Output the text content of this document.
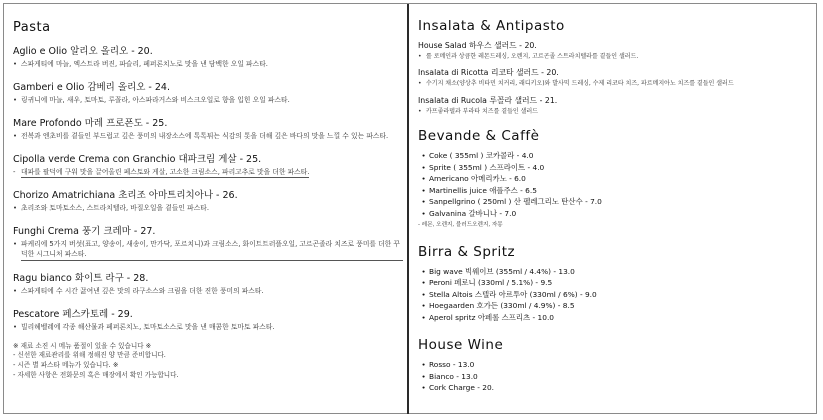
Pasta
Aglio e Olio 알리오 올리오 - 20.
• 스파게티에 마늘, 엑스트라 버진, 파슬리, 페퍼론치노로 맛을 낸 담백한 오일 파스타.
Gamberi e Olio 감베리 올리오 - 24.
• 링귀니에 마늘, 새우, 토마토, 루꼴라, 아스파라거스와 비스크오일로 향을 입힌 오일 파스타.
Mare Profondo 마레 프로폰도 - 25.
• 전복과 엔초비를 곁들인 부드럽고 깊은 풍미의 내장소스에 톡톡튀는 식감의 톳을 더해 깊은 바다의 맛을 느낄 수 있는 파스타.
Cipolla verde Crema con Granchio 대파크림 게살 - 25.
- 대파를 팔덕에 구워 맛을 끌어올린 페스토와 게살, 고소한 크림소스, 파리고추로 맛을 더한 파스타.
Chorizo Amatrichiana 초리조 아마트리치아나 - 26.
• 초리조와 토마토소스, 스트라치텔라, 바질오일을 곁들인 파스타.
Funghi Crema 풍기 크레마 - 27.
• 파케리에 5가지 버섯(표고, 양송이, 새송이, 만가닥, 포르치니)과 크림소스, 화이트트러플오일, 고르곤졸라 치즈로 풍미를 더한 꾸덕한 시그니처 파스타.
Ragu bianco 화이트 라구 - 28.
• 스파게티에 수 시간 끓여낸 깊은 맛의 라구소스와 크림을 더한 진한 풍미의 파스타.
Pescatore 페스카토레 - 29.
• 빌리헤벨레에 각종 해산물과 페퍼론치노, 토마토소스로 맛을 낸 매콤한 토마토 파스타.
※ 재료 소진 시 메뉴 품절이 있을 수 있습니다 ※
- 신선한 재료관리를 위해 정해진 양 만큼 준비합니다.
- 시즌 별 파스타 메뉴가 있습니다. ※
- 자세한 사항은 전화문의 혹은 매장에서 확인 가능합니다.
Insalata & Antipasto
House Salad 하우스 샐러드 - 20.
• 롤 로메인과 상큼한 레몬드레싱, 오렌지, 고르곤졸 스트라치텔라를 곁들인 샐러드.
Insalata di Ricotta 리코타 샐러드 - 20.
• 수기지 채소(양상추 비타민 치커리, 래디키오)와 발사믹 드레싱, 수제 리코타 치즈, 파르메지아노 치즈를 곁들인 샐러드
Insalata di Rucola 루꼴라 샐러드 - 21.
• 카프좋라델과 부라타 치즈를 곁들인 샐러드
Bevande & Caffè
• Coke ( 355ml ) 코카콜라 - 4.0
• Sprite ( 355ml ) 스프라이트 - 4.0
• Americano 아메리카노 - 6.0
• Martinellis juice 애플주스 - 6.5
• Sanpellgrino ( 250ml ) 산 펠레그리노 탄산수 - 7.0
• Galvanina 갈바니나 - 7.0
- 레몬, 오렌지, 블러드오렌지, 자몽
Birra & Spritz
• Big wave 빅웨이브 (355ml / 4.4%) - 13.0
• Peroni 페로니 (330ml / 5.1%) - 9.5
• Stella Altois 스텔라 아르투아 (330ml / 6%) - 9.0
• Hoegaarden 호가든 (330ml / 4.9%) - 8.5
• Aperol spritz 아페롤 스프리츠 - 10.0
House Wine
• Rosso - 13.0
• Bianco - 13.0
• Cork Charge - 20.
